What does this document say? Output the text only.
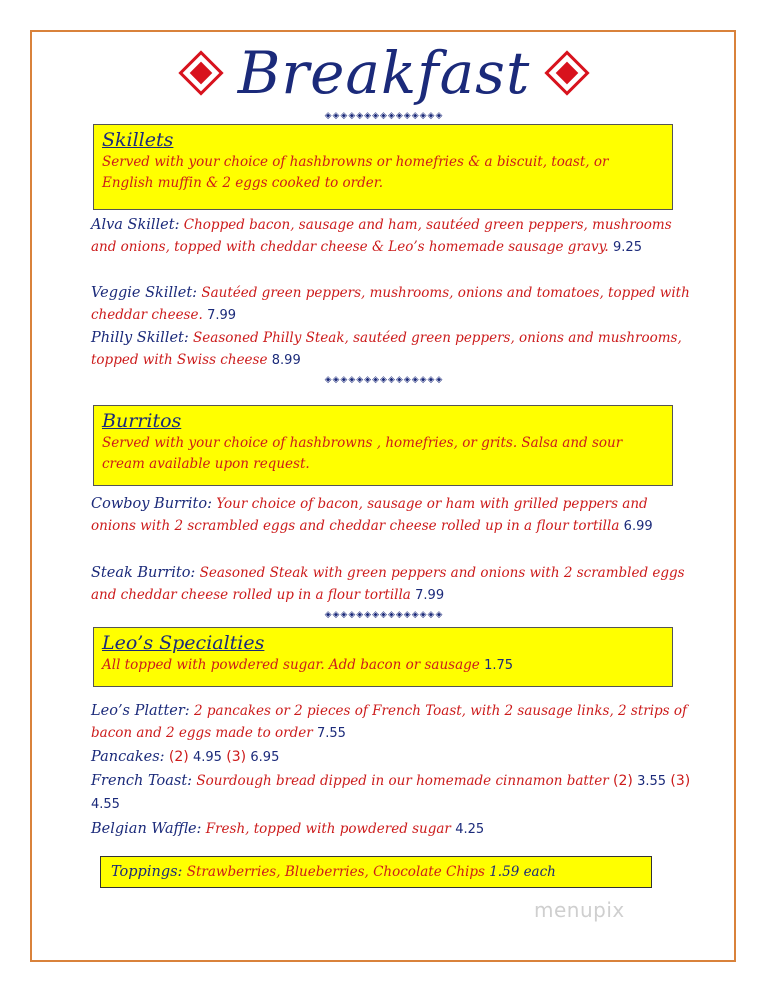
Breakfast
◈◈◈◈◈◈◈◈◈◈◈◈◈◈◈
Skillets
Served with your choice of hashbrowns or homefries & a biscuit, toast, or English muffin & 2 eggs cooked to order.
Alva Skillet: Chopped bacon, sausage and ham, sautéed green peppers, mushrooms and onions, topped with cheddar cheese & Leo’s homemade sausage gravy. 9.25
Veggie Skillet: Sautéed green peppers, mushrooms, onions and tomatoes, topped with cheddar cheese. 7.99
Philly Skillet: Seasoned Philly Steak, sautéed green peppers, onions and mushrooms, topped with Swiss cheese 8.99
◈◈◈◈◈◈◈◈◈◈◈◈◈◈◈
Burritos
Served with your choice of hashbrowns , homefries, or grits. Salsa and sour cream available upon request.
Cowboy Burrito: Your choice of bacon, sausage or ham with grilled peppers and onions with 2 scrambled eggs and cheddar cheese rolled up in a flour tortilla 6.99
Steak Burrito: Seasoned Steak with green peppers and onions with 2 scrambled eggs and cheddar cheese rolled up in a flour tortilla 7.99
◈◈◈◈◈◈◈◈◈◈◈◈◈◈◈
Leo’s Specialties
All topped with powdered sugar. Add bacon or sausage 1.75
Leo’s Platter: 2 pancakes or 2 pieces of French Toast, with 2 sausage links, 2 strips of bacon and 2 eggs made to order 7.55
Pancakes: (2) 4.95 (3) 6.95
French Toast: Sourdough bread dipped in our homemade cinnamon batter (2) 3.55 (3) 4.55
Belgian Waffle: Fresh, topped with powdered sugar 4.25
Toppings: Strawberries, Blueberries, Chocolate Chips 1.59 each
menupix
